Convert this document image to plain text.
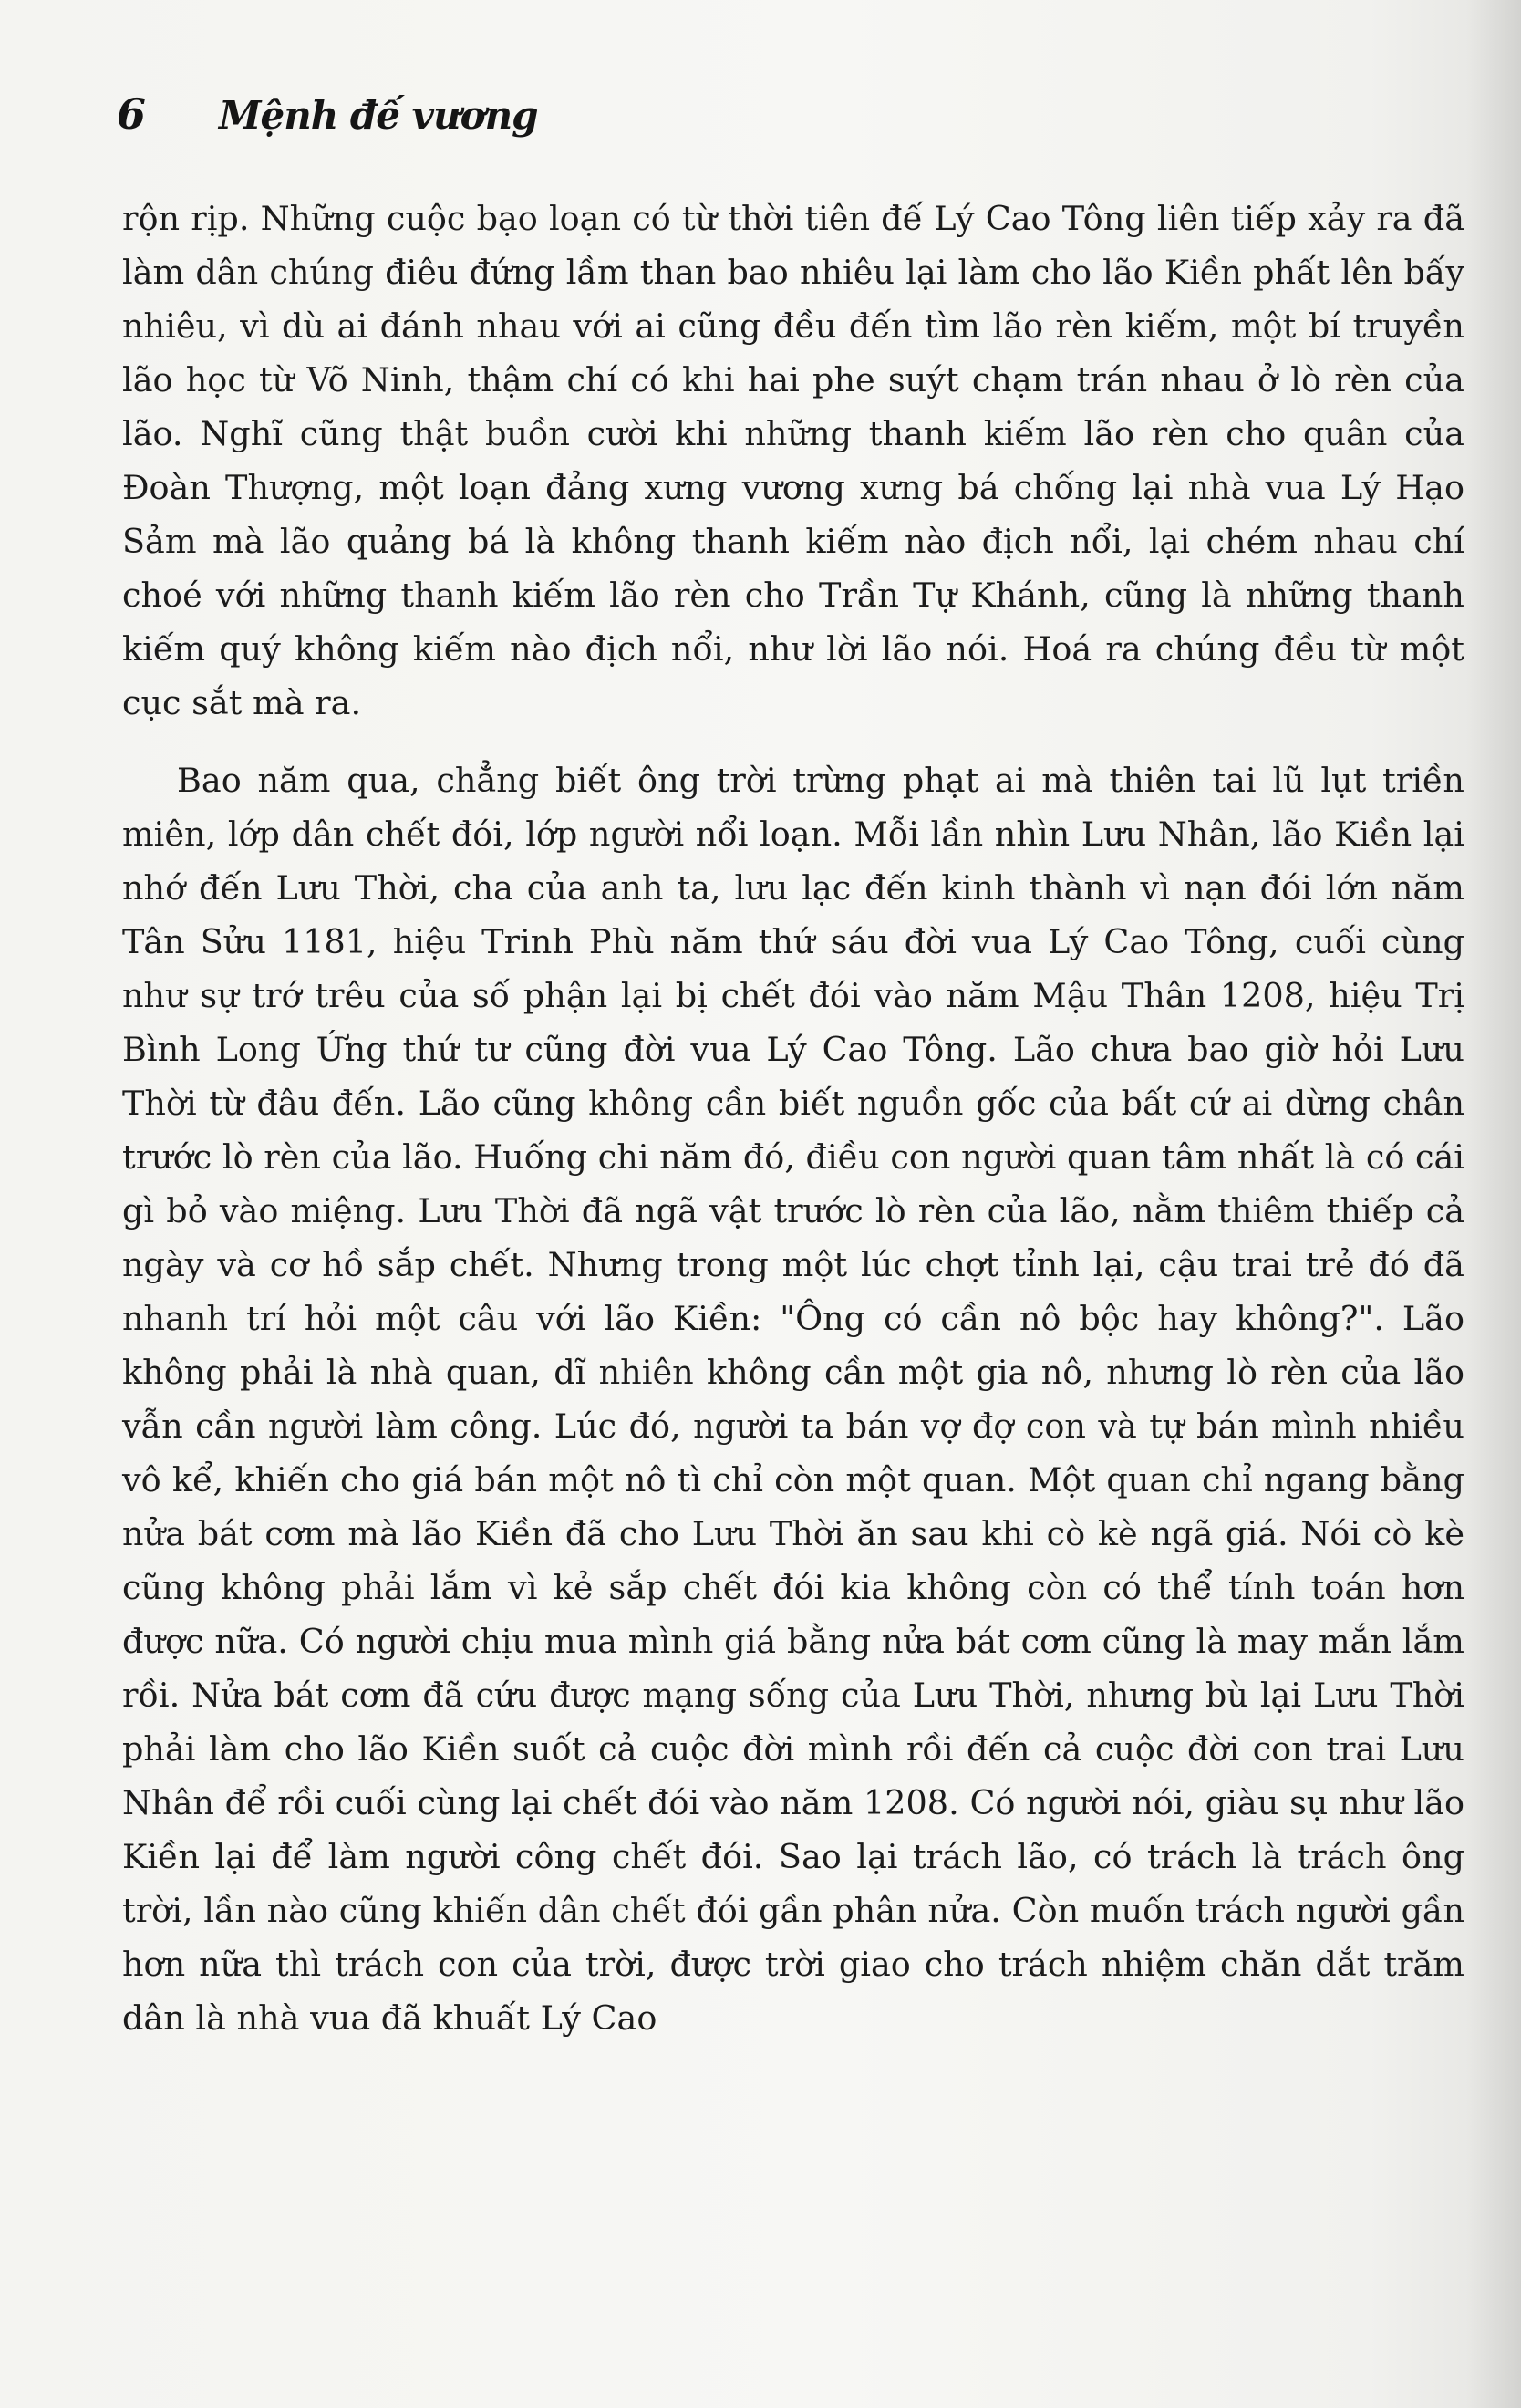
6 Mệnh đế vương

rộn rịp. Những cuộc bạo loạn có từ thời tiên đế Lý Cao Tông liên tiếp xảy ra đã làm dân chúng điêu đứng lầm than bao nhiêu lại làm cho lão Kiền phất lên bấy nhiêu, vì dù ai đánh nhau với ai cũng đều đến tìm lão rèn kiếm, một bí truyền lão học từ Võ Ninh, thậm chí có khi hai phe suýt chạm trán nhau ở lò rèn của lão. Nghĩ cũng thật buồn cười khi những thanh kiếm lão rèn cho quân của Đoàn Thượng, một loạn đảng xưng vương xưng bá chống lại nhà vua Lý Hạo Sảm mà lão quảng bá là không thanh kiếm nào địch nổi, lại chém nhau chí choé với những thanh kiếm lão rèn cho Trần Tự Khánh, cũng là những thanh kiếm quý không kiếm nào địch nổi, như lời lão nói. Hoá ra chúng đều từ một cục sắt mà ra.

Bao năm qua, chẳng biết ông trời trừng phạt ai mà thiên tai lũ lụt triền miên, lớp dân chết đói, lớp người nổi loạn. Mỗi lần nhìn Lưu Nhân, lão Kiền lại nhớ đến Lưu Thời, cha của anh ta, lưu lạc đến kinh thành vì nạn đói lớn năm Tân Sửu 1181, hiệu Trinh Phù năm thứ sáu đời vua Lý Cao Tông, cuối cùng như sự trớ trêu của số phận lại bị chết đói vào năm Mậu Thân 1208, hiệu Trị Bình Long Ứng thứ tư cũng đời vua Lý Cao Tông. Lão chưa bao giờ hỏi Lưu Thời từ đâu đến. Lão cũng không cần biết nguồn gốc của bất cứ ai dừng chân trước lò rèn của lão. Huống chi năm đó, điều con người quan tâm nhất là có cái gì bỏ vào miệng. Lưu Thời đã ngã vật trước lò rèn của lão, nằm thiêm thiếp cả ngày và cơ hồ sắp chết. Nhưng trong một lúc chợt tỉnh lại, cậu trai trẻ đó đã nhanh trí hỏi một câu với lão Kiền: "Ông có cần nô bộc hay không?". Lão không phải là nhà quan, dĩ nhiên không cần một gia nô, nhưng lò rèn của lão vẫn cần người làm công. Lúc đó, người ta bán vợ đợ con và tự bán mình nhiều vô kể, khiến cho giá bán một nô tì chỉ còn một quan. Một quan chỉ ngang bằng nửa bát cơm mà lão Kiền đã cho Lưu Thời ăn sau khi cò kè ngã giá. Nói cò kè cũng không phải lắm vì kẻ sắp chết đói kia không còn có thể tính toán hơn được nữa. Có người chịu mua mình giá bằng nửa bát cơm cũng là may mắn lắm rồi. Nửa bát cơm đã cứu được mạng sống của Lưu Thời, nhưng bù lại Lưu Thời phải làm cho lão Kiền suốt cả cuộc đời mình rồi đến cả cuộc đời con trai Lưu Nhân để rồi cuối cùng lại chết đói vào năm 1208. Có người nói, giàu sụ như lão Kiền lại để làm người công chết đói. Sao lại trách lão, có trách là trách ông trời, lần nào cũng khiến dân chết đói gần phân nửa. Còn muốn trách người gần hơn nữa thì trách con của trời, được trời giao cho trách nhiệm chăn dắt trăm dân là nhà vua đã khuất Lý Cao
